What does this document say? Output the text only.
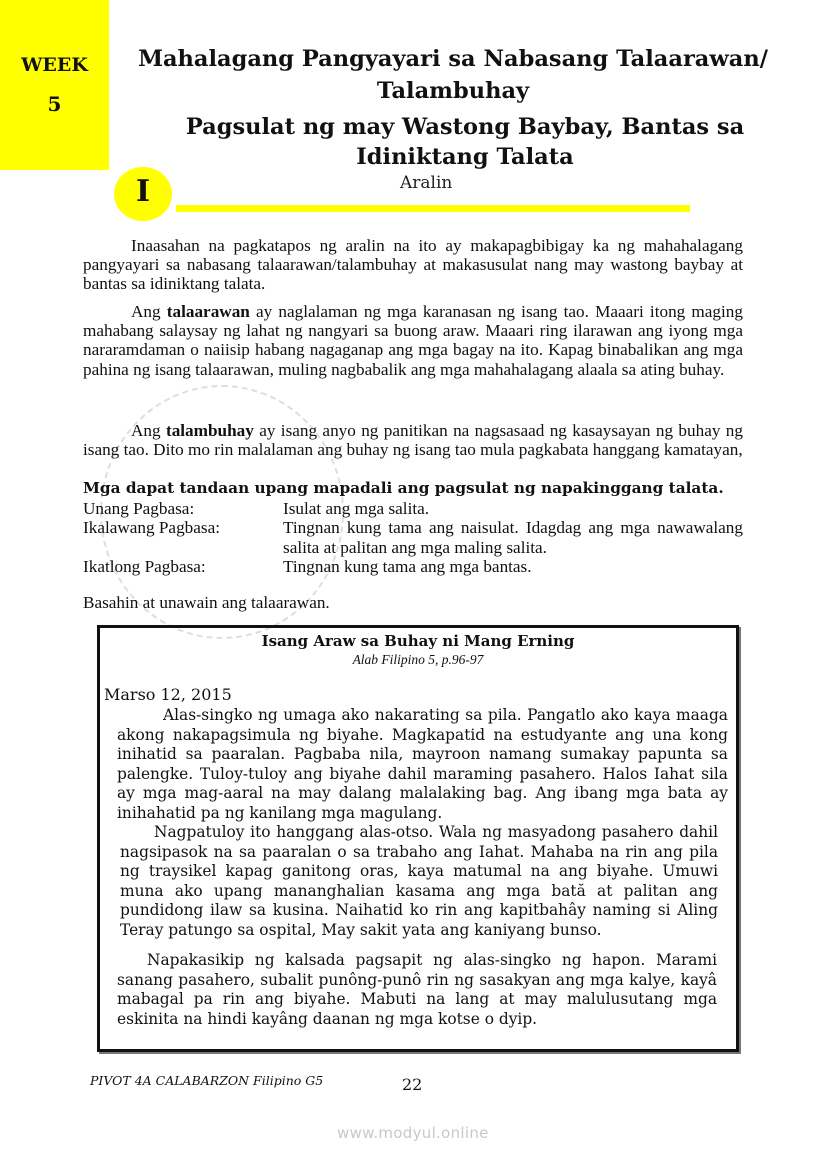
WEEK
5
Mahalagang Pangyayari sa Nabasang Talaarawan/
Talambuhay
Pagsulat ng may Wastong Baybay, Bantas sa
Idiniktang Talata
I	Aralin
Inaasahan na pagkatapos ng aralin na ito ay makapagbibigay ka ng mahahalagang pangyayari sa nabasang talaarawan/talambuhay at makasusulat nang may wastong baybay at bantas sa idiniktang talata.
Ang talaarawan ay naglalaman ng mga karanasan ng isang tao. Maaari itong maging mahabang salaysay ng lahat ng nangyari sa buong araw. Maaari ring ilarawan ang iyong mga nararamdaman o naiisip habang nagaganap ang mga bagay na ito. Kapag binabalikan ang mga pahina ng isang talaarawan, muling nagbabalik ang mga mahahalagang alaala sa ating buhay.
Ang talambuhay ay isang anyo ng panitikan na nagsasaad ng kasaysayan ng buhay ng isang tao. Dito mo rin malalaman ang buhay ng isang tao mula pagkabata hanggang kamatayan,
Mga dapat tandaan upang mapadali ang pagsulat ng napakinggang talata.
Unang Pagbasa:	Isulat ang mga salita.
Ikalawang Pagbasa:	Tingnan kung tama ang naisulat. Idagdag ang mga nawawalang salita at palitan ang mga maling salita.
Ikatlong Pagbasa:	Tingnan kung tama ang mga bantas.
Basahin at unawain ang talaarawan.
Isang Araw sa Buhay ni Mang Erning
Alab Filipino 5, p.96-97
Marso 12, 2015
Alas-singko ng umaga ako nakarating sa pila. Pangatlo ako kaya maaga akong nakapagsimula ng biyahe. Magkapatid na estudyante ang una kong inihatid sa paaralan. Pagbaba nila, mayroon namang sumakay papunta sa palengke. Tuloy-tuloy ang biyahe dahil maraming pasahero. Halos Iahat sila ay mga mag-aaral na may dalang malalaking bag. Ang ibang mga bata ay inihahatid pa ng kanilang mga magulang.
Nagpatuloy ito hanggang alas-otso. Wala ng masyadong pasahero dahil nagsipasok na sa paaralan o sa trabaho ang Iahat. Mahaba na rin ang pila ng traysikel kapag ganitong oras, kaya matumal na ang biyahe. Umuwi muna ako upang mananghalian kasama ang mga bată at palitan ang pundidong ilaw sa kusina. Naihatid ko rin ang kapitbahây naming si Aling Teray patungo sa ospital, May sakit yata ang kaniyang bunso.
Napakasikip ng kalsada pagsapit ng alas-singko ng hapon. Marami sanang pasahero, subalit punông-punô rin ng sasakyan ang mga kalye, kayâ mabagal pa rin ang biyahe. Mabuti na lang at may malulusutang mga eskinita na hindi kayâng daanan ng mga kotse o dyip.
PIVOT 4A CALABARZON Filipino G5	22
www.modyul.online
